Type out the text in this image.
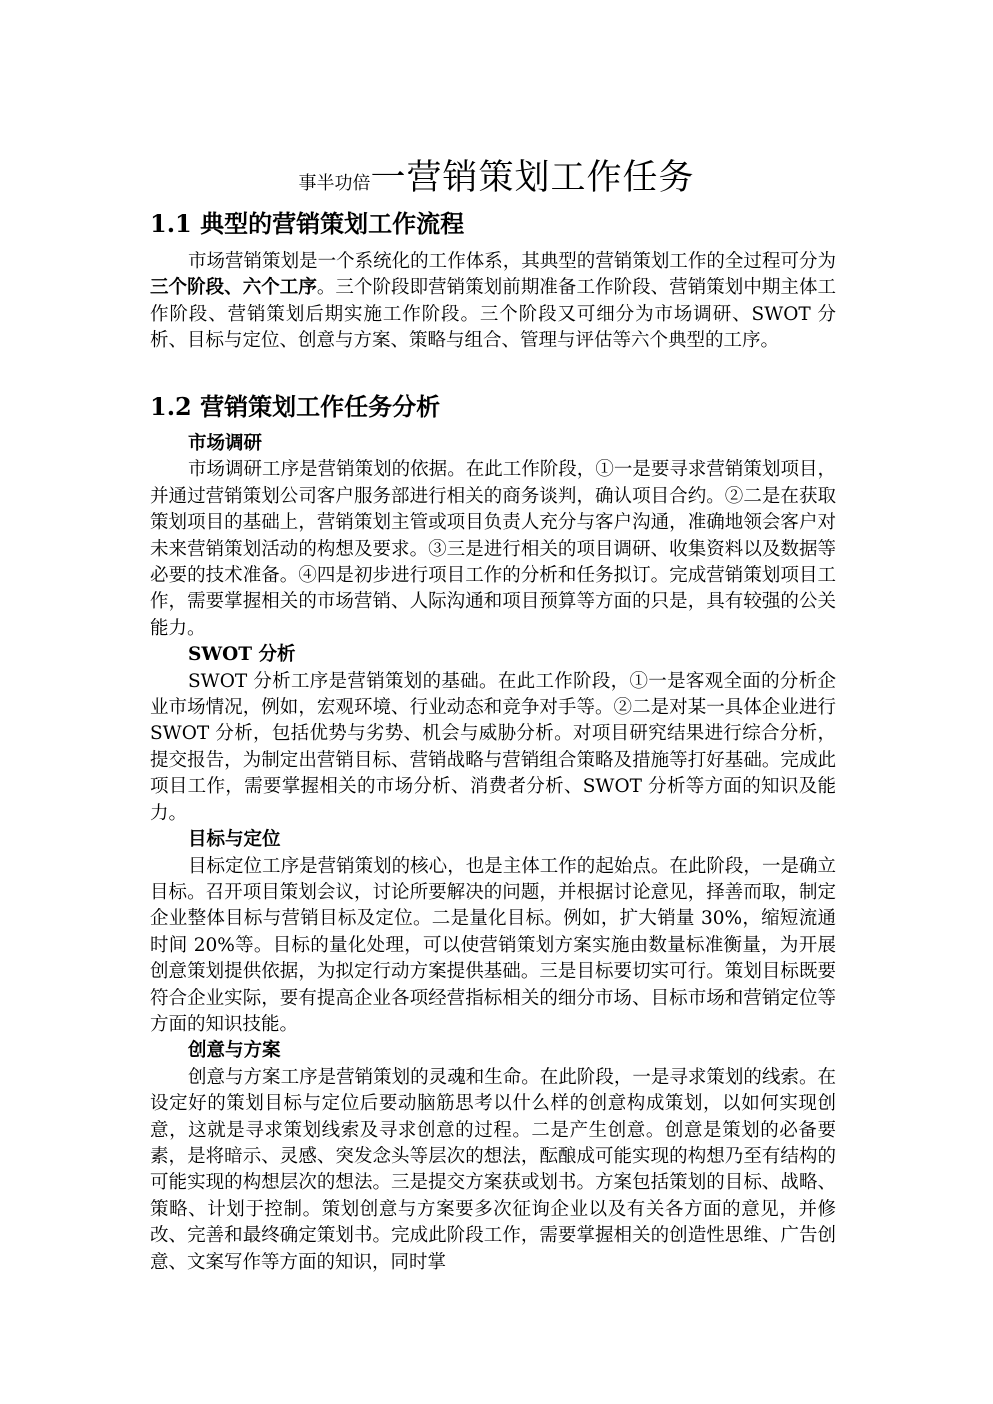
事半功倍一营销策划工作任务
1.1 典型的营销策划工作流程

市场营销策划是一个系统化的工作体系，其典型的营销策划工作的全过程可分为三个阶段、六个工序。三个阶段即营销策划前期准备工作阶段、营销策划中期主体工作阶段、营销策划后期实施工作阶段。三个阶段又可细分为市场调研、SWOT 分析、目标与定位、创意与方案、策略与组合、管理与评估等六个典型的工序。

1.2 营销策划工作任务分析
市场调研

市场调研工序是营销策划的依据。在此工作阶段，①一是要寻求营销策划项目，并通过营销策划公司客户服务部进行相关的商务谈判，确认项目合约。②二是在获取策划项目的基础上，营销策划主管或项目负责人充分与客户沟通，准确地领会客户对未来营销策划活动的构想及要求。③三是进行相关的项目调研、收集资料以及数据等必要的技术准备。④四是初步进行项目工作的分析和任务拟订。完成营销策划项目工作，需要掌握相关的市场营销、人际沟通和项目预算等方面的只是，具有较强的公关能力。

SWOT 分析

SWOT 分析工序是营销策划的基础。在此工作阶段，①一是客观全面的分析企业市场情况，例如，宏观环境、行业动态和竞争对手等。②二是对某一具体企业进行 SWOT 分析，包括优势与劣势、机会与威胁分析。对项目研究结果进行综合分析，提交报告，为制定出营销目标、营销战略与营销组合策略及措施等打好基础。完成此项目工作，需要掌握相关的市场分析、消费者分析、SWOT 分析等方面的知识及能力。

目标与定位

目标定位工序是营销策划的核心，也是主体工作的起始点。在此阶段，一是确立目标。召开项目策划会议，讨论所要解决的问题，并根据讨论意见，择善而取，制定企业整体目标与营销目标及定位。二是量化目标。例如，扩大销量 30%，缩短流通时间 20%等。目标的量化处理，可以使营销策划方案实施由数量标准衡量，为开展创意策划提供依据，为拟定行动方案提供基础。三是目标要切实可行。策划目标既要符合企业实际，要有提高企业各项经营指标相关的细分市场、目标市场和营销定位等方面的知识技能。

创意与方案

创意与方案工序是营销策划的灵魂和生命。在此阶段，一是寻求策划的线索。在设定好的策划目标与定位后要动脑筋思考以什么样的创意构成策划，以如何实现创意，这就是寻求策划线索及寻求创意的过程。二是产生创意。创意是策划的必备要素，是将暗示、灵感、突发念头等层次的想法，酝酿成可能实现的构想乃至有结构的可能实现的构想层次的想法。三是提交方案获或划书。方案包括策划的目标、战略、策略、计划于控制。策划创意与方案要多次征询企业以及有关各方面的意见，并修改、完善和最终确定策划书。完成此阶段工作，需要掌握相关的创造性思维、广告创意、文案写作等方面的知识，同时掌
